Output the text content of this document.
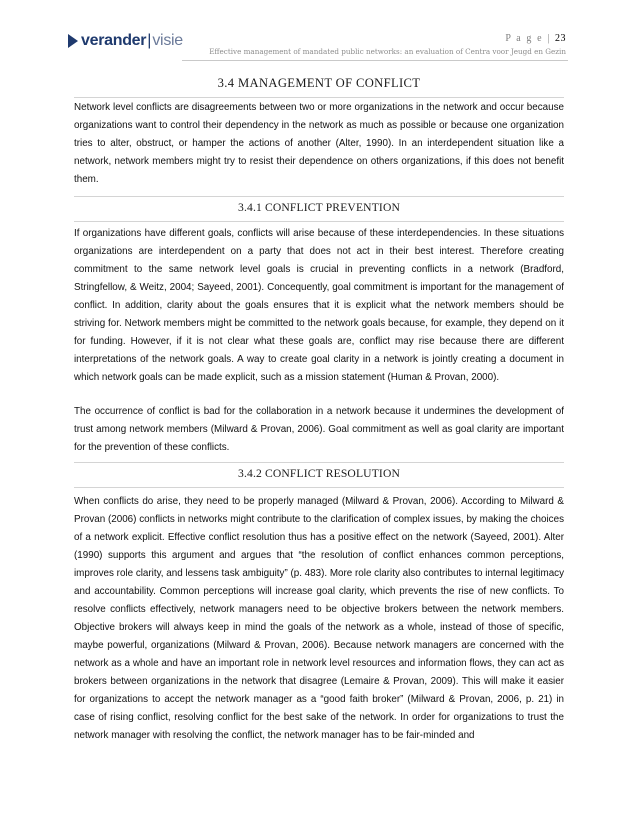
verander | visie	P a g e | 23
Effective management of mandated public networks: an evaluation of Centra voor Jeugd en Gezin
3.4 MANAGEMENT OF CONFLICT
Network level conflicts are disagreements between two or more organizations in the network and occur because organizations want to control their dependency in the network as much as possible or because one organization tries to alter, obstruct, or hamper the actions of another (Alter, 1990). In an interdependent situation like a network, network members might try to resist their dependence on others organizations, if this does not benefit them.
3.4.1 CONFLICT PREVENTION
If organizations have different goals, conflicts will arise because of these interdependencies. In these situations organizations are interdependent on a party that does not act in their best interest. Therefore creating commitment to the same network level goals is crucial in preventing conflicts in a network (Bradford, Stringfellow, & Weitz, 2004; Sayeed, 2001). Concequently, goal commitment is important for the management of conflict. In addition, clarity about the goals ensures that it is explicit what the network members should be striving for. Network members might be committed to the network goals because, for example, they depend on it for funding. However, if it is not clear what these goals are, conflict may rise because there are different interpretations of the network goals. A way to create goal clarity in a network is jointly creating a document in which network goals can be made explicit, such as a mission statement (Human & Provan, 2000).
The occurrence of conflict is bad for the collaboration in a network because it undermines the development of trust among network members (Milward & Provan, 2006). Goal commitment as well as goal clarity are important for the prevention of these conflicts.
3.4.2 CONFLICT RESOLUTION
When conflicts do arise, they need to be properly managed (Milward & Provan, 2006). According to Milward & Provan (2006) conflicts in networks might contribute to the clarification of complex issues, by making the choices of a network explicit. Effective conflict resolution thus has a positive effect on the network (Sayeed, 2001). Alter (1990) supports this argument and argues that “the resolution of conflict enhances common perceptions, improves role clarity, and lessens task ambiguity” (p. 483). More role clarity also contributes to internal legitimacy and accountability. Common perceptions will increase goal clarity, which prevents the rise of new conflicts. To resolve conflicts effectively, network managers need to be objective brokers between the network members. Objective brokers will always keep in mind the goals of the network as a whole, instead of those of specific, maybe powerful, organizations (Milward & Provan, 2006). Because network managers are concerned with the network as a whole and have an important role in network level resources and information flows, they can act as brokers between organizations in the network that disagree (Lemaire & Provan, 2009). This will make it easier for organizations to accept the network manager as a “good faith broker” (Milward & Provan, 2006, p. 21) in case of rising conflict, resolving conflict for the best sake of the network. In order for organizations to trust the network manager with resolving the conflict, the network manager has to be fair-minded and
